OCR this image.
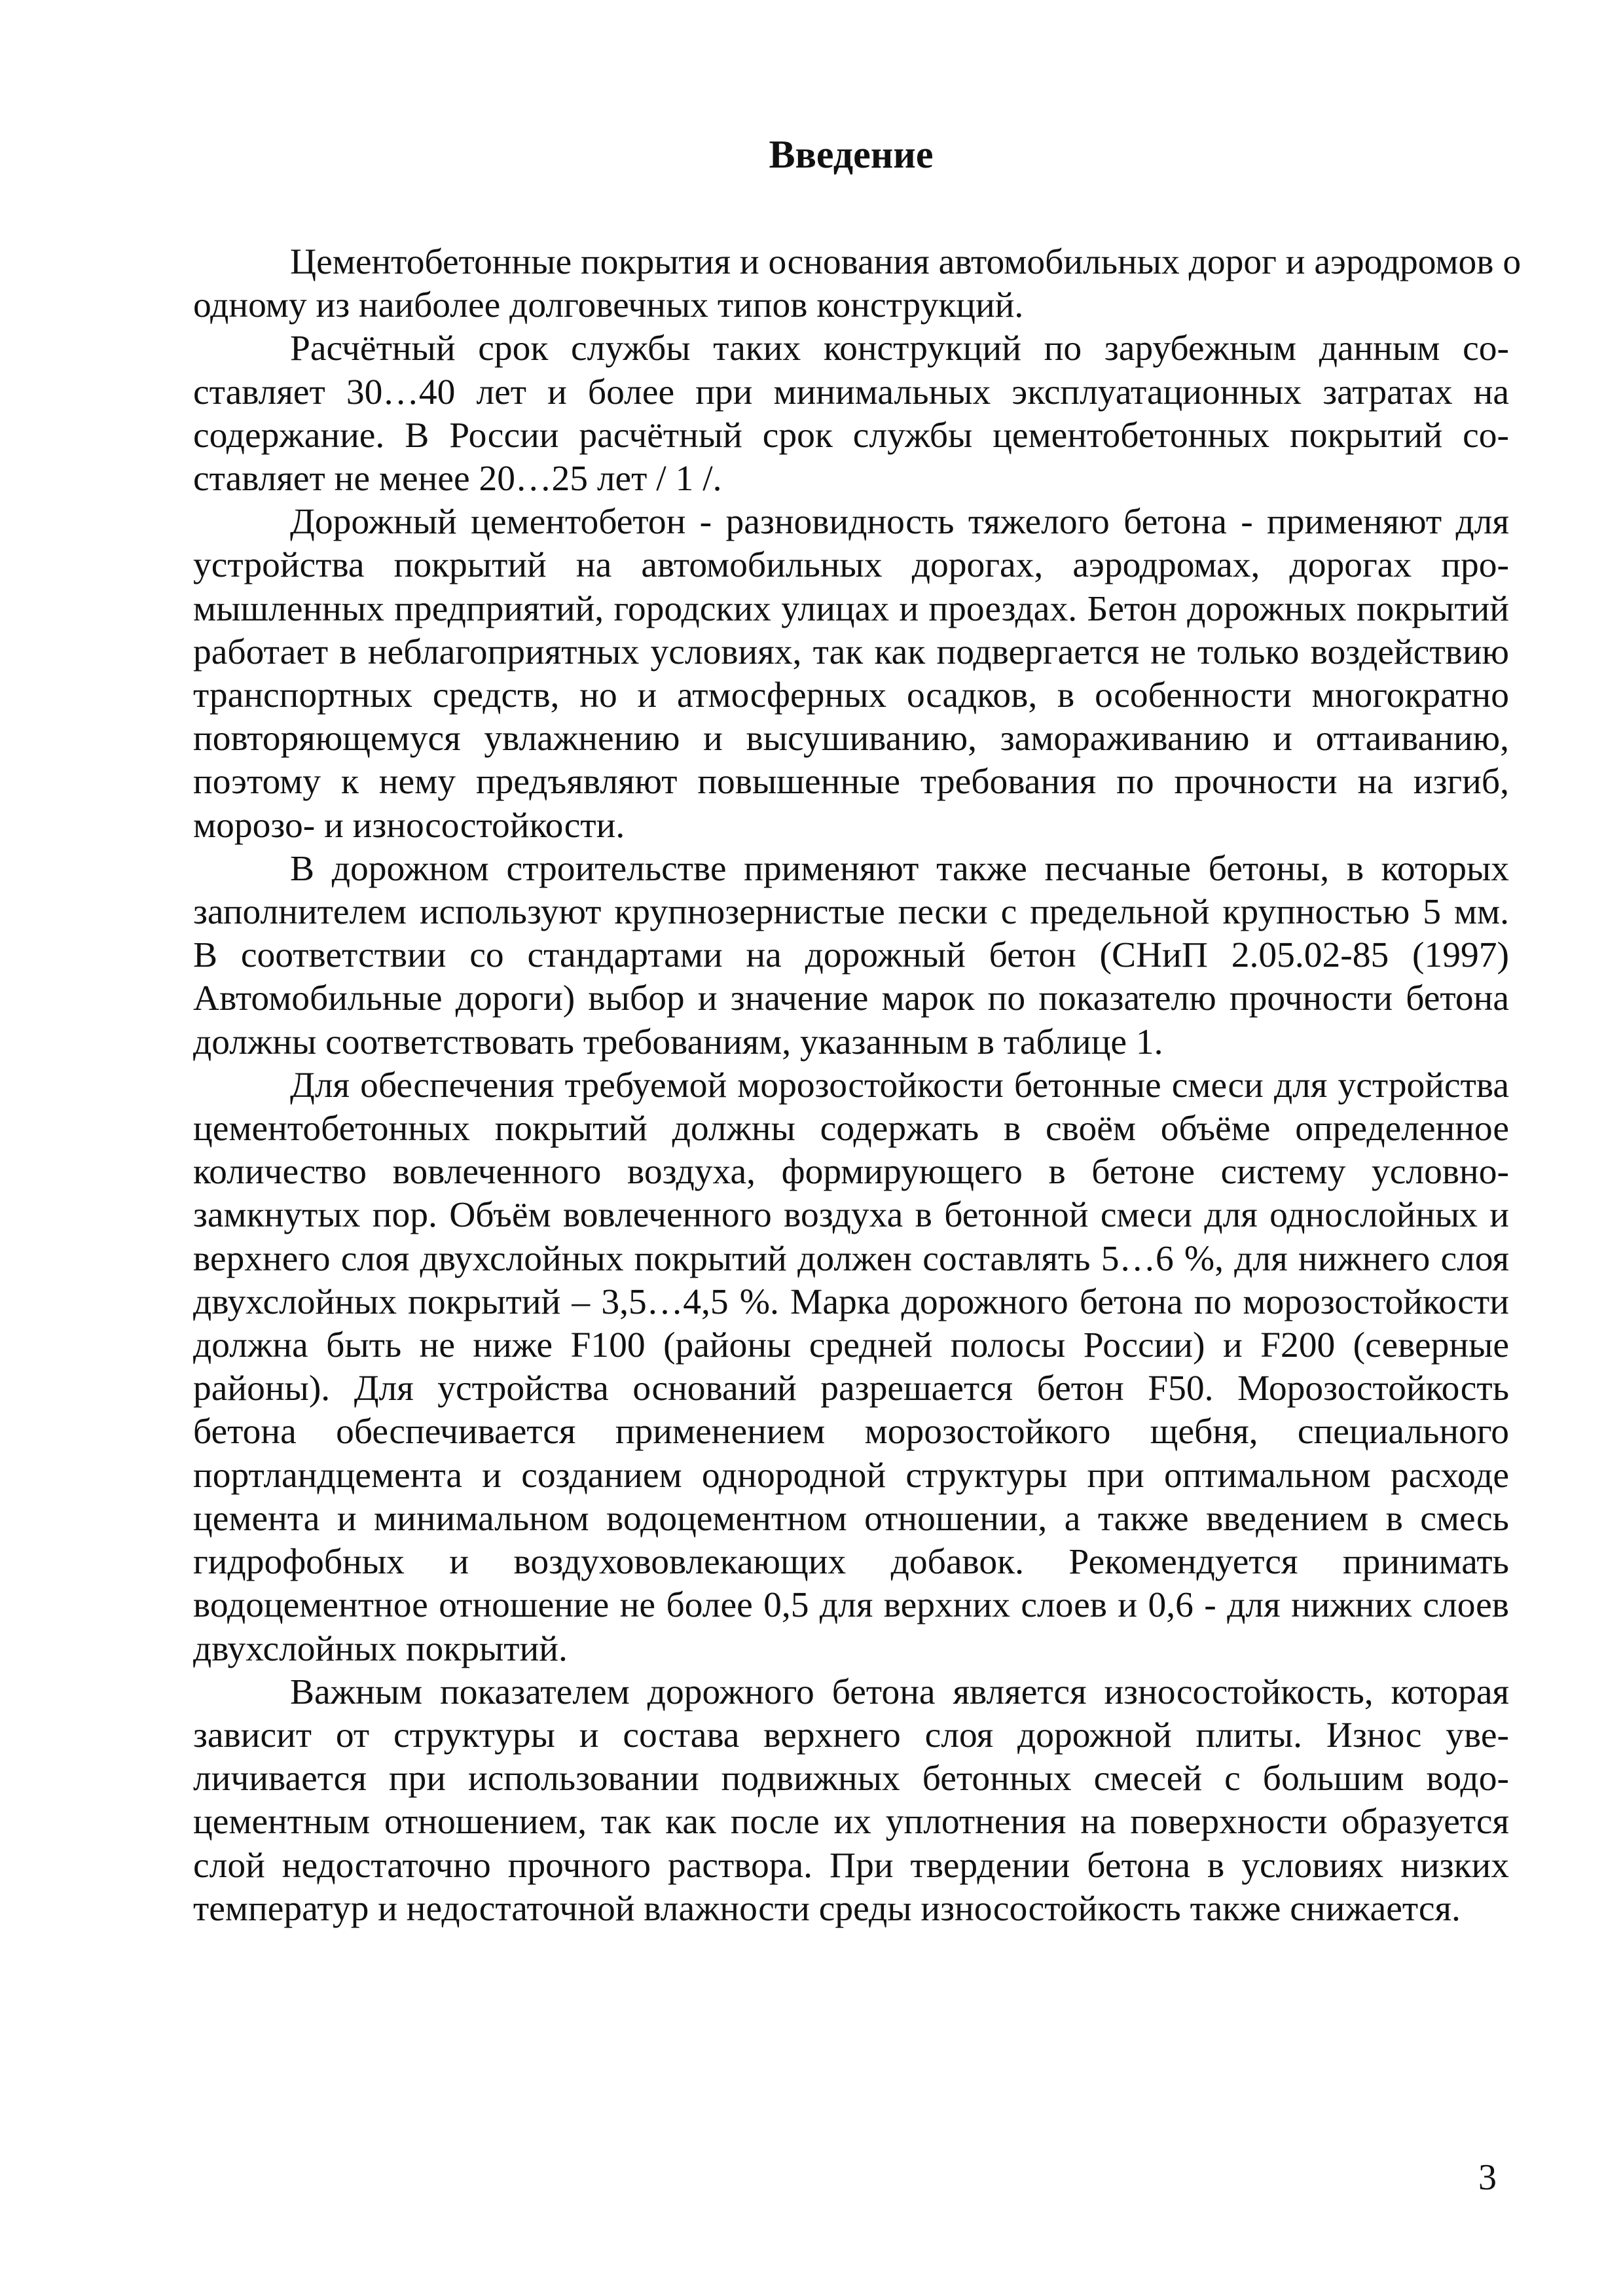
Введение

Цементобетонные покрытия и основания автомобильных дорог и аэродромов о
одному из наиболее долговечных типов конструкций.

Расчётный срок службы таких конструкций по зарубежным данным составляет 30…40 лет и более при минимальных эксплуатационных затратах на содержание. В России расчётный срок службы цементобетонных покрытий составляет не менее 20…25 лет / 1 /.

Дорожный цементобетон - разновидность тяжелого бетона - применяют для устройства покрытий на автомобильных дорогах, аэродромах, дорогах промышленных предприятий, городских улицах и проездах. Бетон дорожных покрытий работает в неблагоприятных условиях, так как подвергается не только воздействию транспортных средств, но и атмосферных осадков, в особенности многократно повторяющемуся увлажнению и высушиванию, замораживанию и оттаиванию, поэтому к нему предъявляют повышенные требования по прочности на изгиб, морозо- и износостойкости.

В дорожном строительстве применяют также песчаные бетоны, в которых заполнителем используют крупнозернистые пески с предельной крупностью 5 мм. В соответствии со стандартами на дорожный бетон (СНиП 2.05.02-85 (1997) Автомобильные дороги) выбор и значение марок по показателю прочности бетона должны соответствовать требованиям, указанным в таблице 1.

Для обеспечения требуемой морозостойкости бетонные смеси для устройства цементобетонных покрытий должны содержать в своём объёме определенное количество вовлеченного воздуха, формирующего в бетоне систему условно-замкнутых пор. Объём вовлеченного воздуха в бетонной смеси для однослойных и верхнего слоя двухслойных покрытий должен составлять 5…6 %, для нижнего слоя двухслойных покрытий – 3,5…4,5 %. Марка дорожного бетона по морозостойкости должна быть не ниже F100 (районы средней полосы России) и F200 (северные районы). Для устройства оснований разрешается бетон F50. Морозостойкость бетона обеспечивается применением морозостойкого щебня, специального портландцемента и созданием однородной структуры при оптимальном расходе цемента и минимальном водоцементном отношении, а также введением в смесь гидрофобных и воздухововлекающих добавок. Рекомендуется принимать водоцементное отношение не более 0,5 для верхних слоев и 0,6 - для нижних слоев двухслойных покрытий.

Важным показателем дорожного бетона является износостойкость, которая зависит от структуры и состава верхнего слоя дорожной плиты. Износ увеличивается при использовании подвижных бетонных смесей с большим водоцементным отношением, так как после их уплотнения на поверхности образуется слой недостаточно прочного раствора. При твердении бетона в условиях низких температур и недостаточной влажности среды износостойкость также снижается.

3
